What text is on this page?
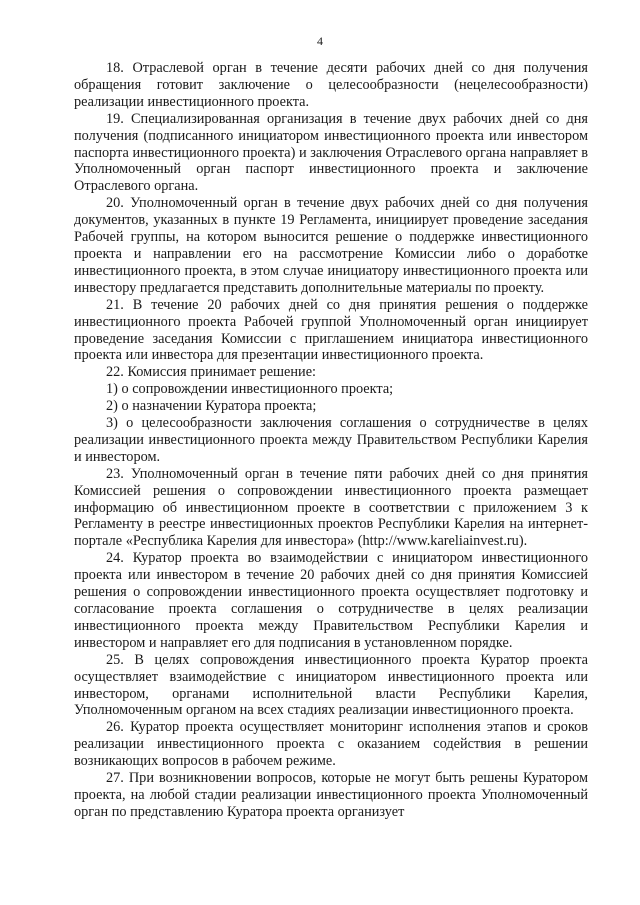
4

18. Отраслевой орган в течение десяти рабочих дней со дня получения обращения готовит заключение о целесообразности (нецелесообразности) реализации инвестиционного проекта.

19. Специализированная организация в течение двух рабочих дней со дня получения (подписанного инициатором инвестиционного проекта или инвестором паспорта инвестиционного проекта) и заключения Отраслевого органа направляет в Уполномоченный орган паспорт инвестиционного проекта и заключение Отраслевого органа.

20. Уполномоченный орган в течение двух рабочих дней со дня получения документов, указанных в пункте 19 Регламента, инициирует проведение заседания Рабочей группы, на котором выносится решение о поддержке инвестиционного проекта и направлении его на рассмотрение Комиссии либо о доработке инвестиционного проекта, в этом случае инициатору инвестиционного проекта или инвестору предлагается представить дополнительные материалы по проекту.

21. В течение 20 рабочих дней со дня принятия решения о поддержке инвестиционного проекта Рабочей группой Уполномоченный орган инициирует проведение заседания Комиссии с приглашением инициатора инвестиционного проекта или инвестора для презентации инвестиционного проекта.

22. Комиссия принимает решение:

1) о сопровождении инвестиционного проекта;

2) о назначении Куратора проекта;

3) о целесообразности заключения соглашения о сотрудничестве в целях реализации инвестиционного проекта между Правительством Республики Карелия и инвестором.

23. Уполномоченный орган в течение пяти рабочих дней со дня принятия Комиссией решения о сопровождении инвестиционного проекта размещает информацию об инвестиционном проекте в соответствии с приложением 3 к Регламенту в реестре инвестиционных проектов Республики Карелия на интернет-портале «Республика Карелия для инвестора» (http://www.kareliainvest.ru).

24. Куратор проекта во взаимодействии с инициатором инвестиционного проекта или инвестором в течение 20 рабочих дней со дня принятия Комиссией решения о сопровождении инвестиционного проекта осуществляет подготовку и согласование проекта соглашения о сотрудничестве в целях реализации инвестиционного проекта между Правительством Республики Карелия и инвестором и направляет его для подписания в установленном порядке.

25. В целях сопровождения инвестиционного проекта Куратор проекта осуществляет взаимодействие с инициатором инвестиционного проекта или инвестором, органами исполнительной власти Республики Карелия, Уполномоченным органом на всех стадиях реализации инвестиционного проекта.

26. Куратор проекта осуществляет мониторинг исполнения этапов и сроков реализации инвестиционного проекта с оказанием содействия в решении возникающих вопросов в рабочем режиме.

27. При возникновении вопросов, которые не могут быть решены Куратором проекта, на любой стадии реализации инвестиционного проекта Уполномоченный орган по представлению Куратора проекта организует
